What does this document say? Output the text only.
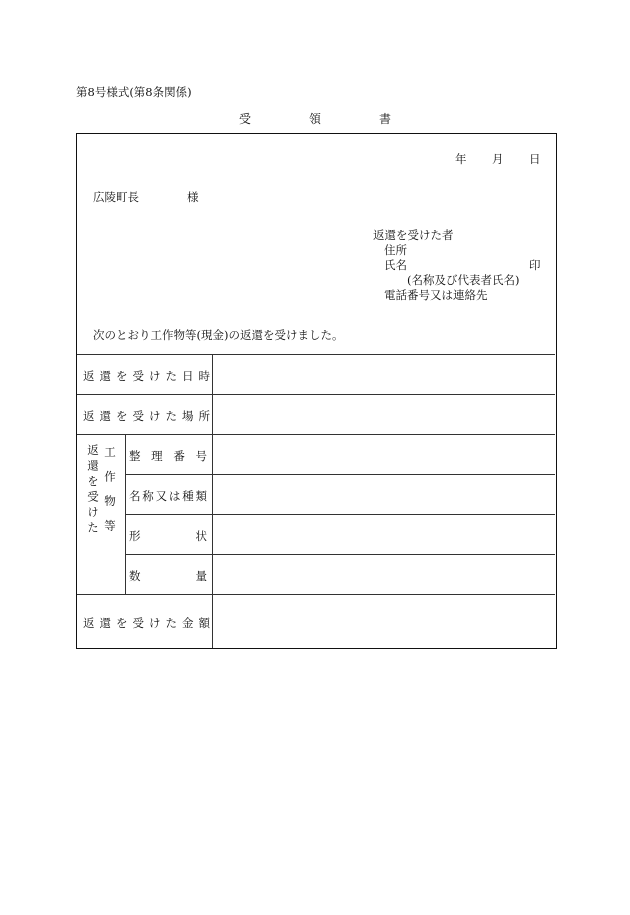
第8号様式(第8条関係)
受領書
年 月 日
広陵町長	様
返還を受けた者
住所
氏名	印
(名称及び代表者氏名)
電話番号又は連絡先
次のとおり工作物等(現金)の返還を受けました。
返還を受けた日時
返還を受けた場所
返還を受けた 工作物等 整理番号
名称又は種類
形状
数量
返還を受けた金額
